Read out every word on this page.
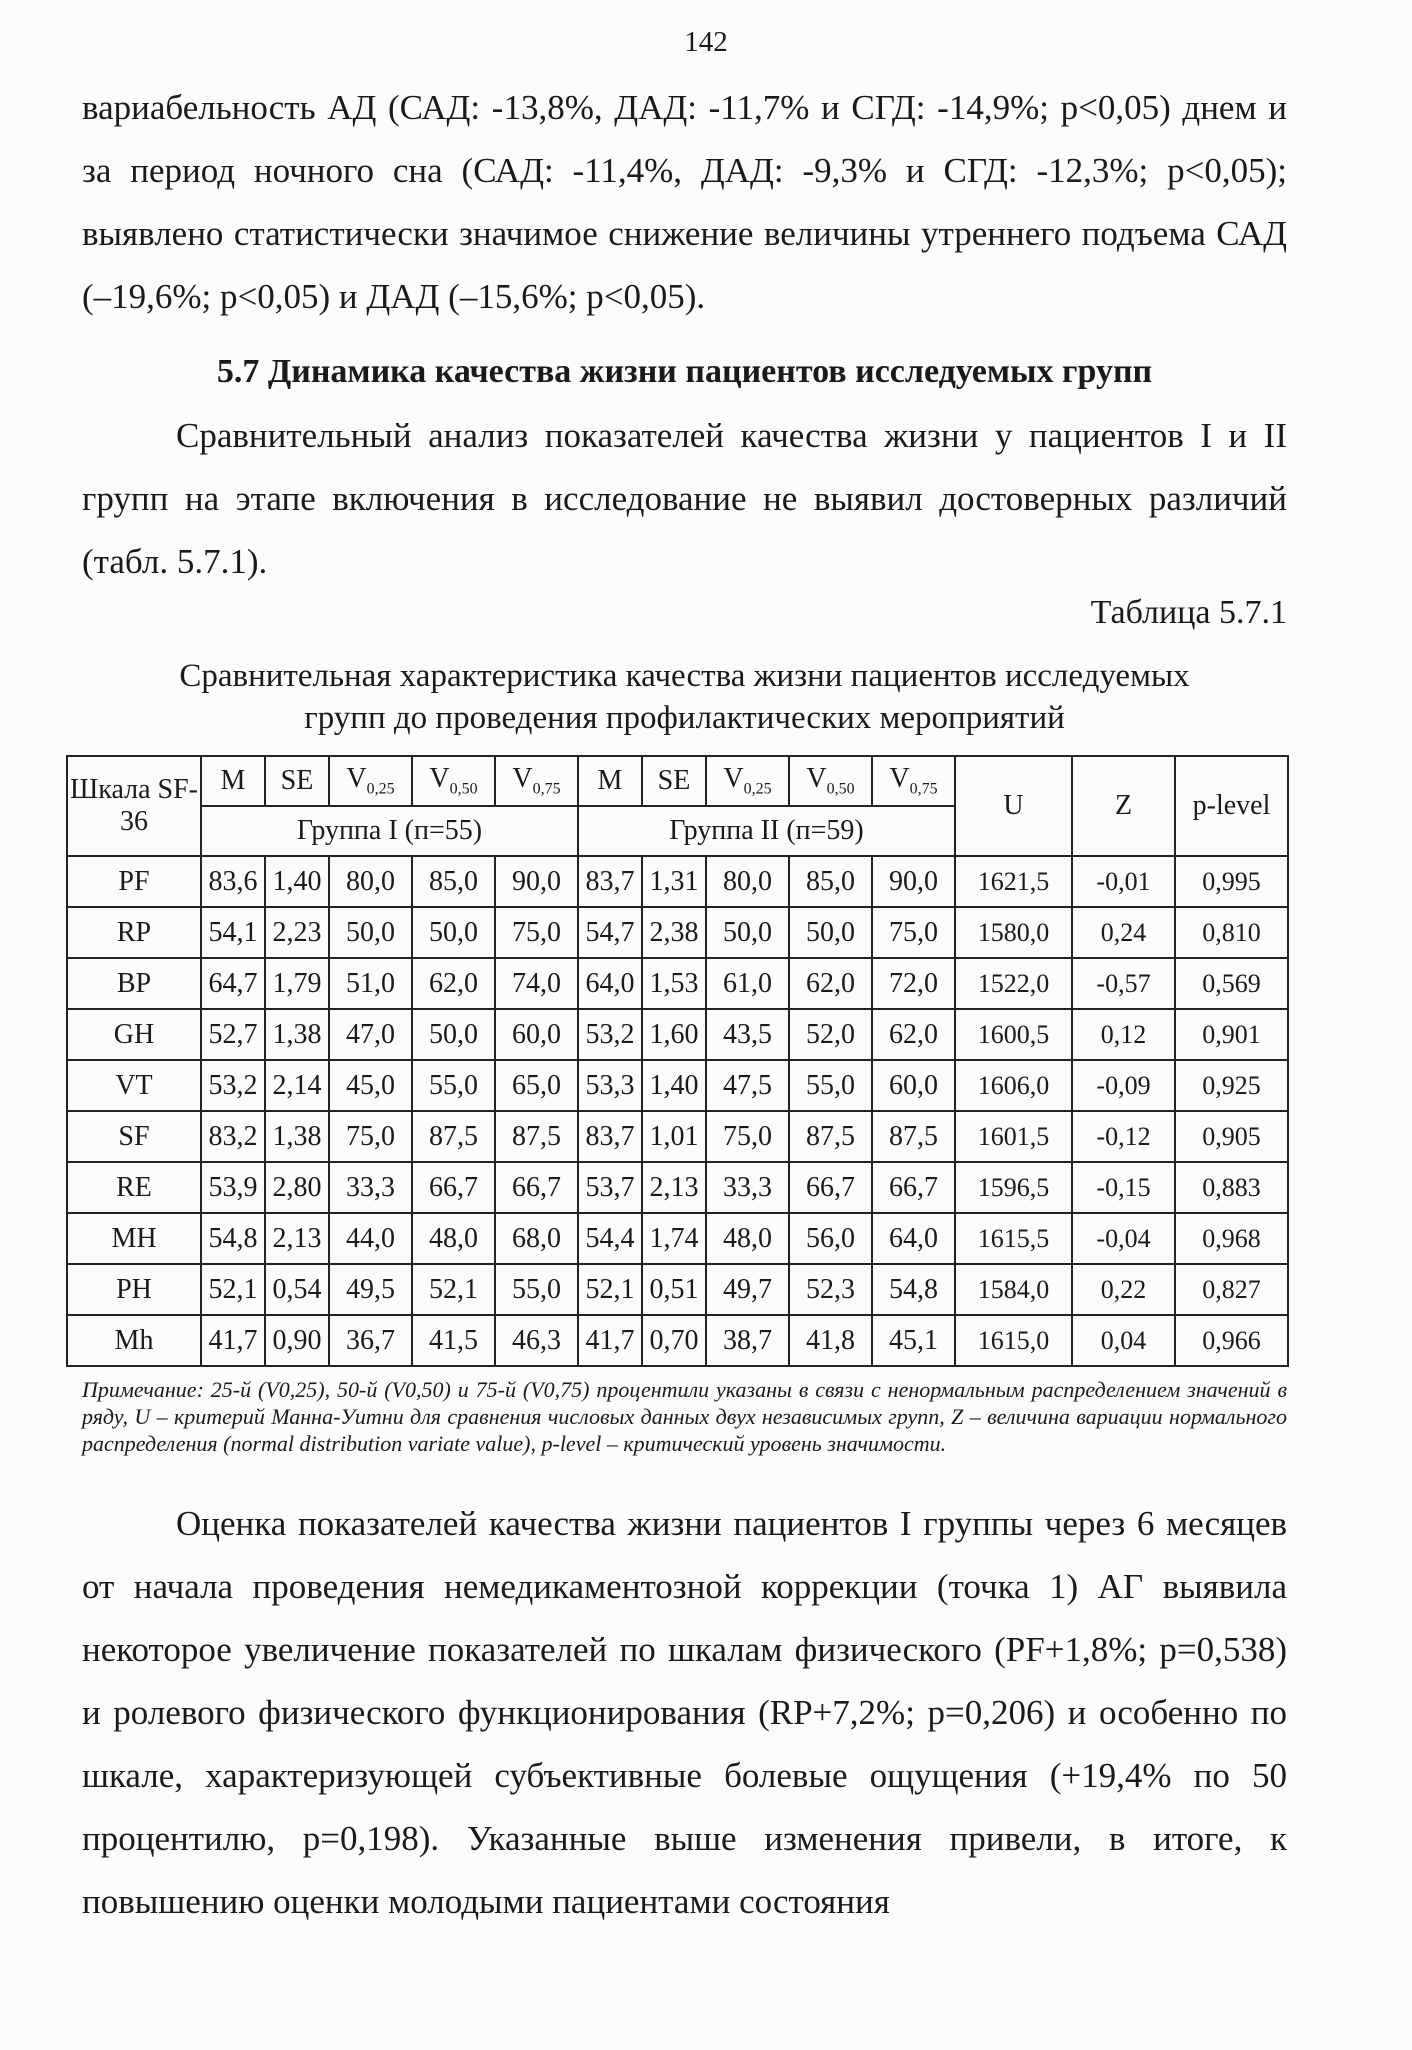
142

вариабельность АД (САД: -13,8%, ДАД: -11,7% и СГД: -14,9%; p<0,05) днем и за период ночного сна (САД: -11,4%, ДАД: -9,3% и СГД: -12,3%; p<0,05); выявлено статистически значимое снижение величины утреннего подъема САД (–19,6%; p<0,05) и ДАД (–15,6%; p<0,05).

5.7 Динамика качества жизни пациентов исследуемых групп

Сравнительный анализ показателей качества жизни у пациентов I и II групп на этапе включения в исследование не выявил достоверных различий (табл. 5.7.1).

Таблица 5.7.1
Сравнительная характеристика качества жизни пациентов исследуемых
групп до проведения профилактических мероприятий
Шкала SF-36	M	SE	$V_{0,25}$	$V_{0,50}$	$V_{0,75}$	M	SE	$V_{0,25}$	$V_{0,50}$	$V_{0,75}$	U	Z	p-level
	Группа I (п=55)					Группа II (п=59)							
PF	83,6	1,40	80,0	85,0	90,0	83,7	1,31	80,0	85,0	90,0	1621,5	-0,01	0,995
RP	54,1	2,23	50,0	50,0	75,0	54,7	2,38	50,0	50,0	75,0	1580,0	0,24	0,810
BP	64,7	1,79	51,0	62,0	74,0	64,0	1,53	61,0	62,0	72,0	1522,0	-0,57	0,569
GH	52,7	1,38	47,0	50,0	60,0	53,2	1,60	43,5	52,0	62,0	1600,5	0,12	0,901
VT	53,2	2,14	45,0	55,0	65,0	53,3	1,40	47,5	55,0	60,0	1606,0	-0,09	0,925
SF	83,2	1,38	75,0	87,5	87,5	83,7	1,01	75,0	87,5	87,5	1601,5	-0,12	0,905
RE	53,9	2,80	33,3	66,7	66,7	53,7	2,13	33,3	66,7	66,7	1596,5	-0,15	0,883
MH	54,8	2,13	44,0	48,0	68,0	54,4	1,74	48,0	56,0	64,0	1615,5	-0,04	0,968
PH	52,1	0,54	49,5	52,1	55,0	52,1	0,51	49,7	52,3	54,8	1584,0	0,22	0,827
Mh	41,7	0,90	36,7	41,5	46,3	41,7	0,70	38,7	41,8	45,1	1615,0	0,04	0,966
Примечание: 25-й (V0,25), 50-й (V0,50) и 75-й (V0,75) процентили указаны в связи с ненормальным распределением значений в ряду, U – критерий Манна-Уитни для сравнения числовых данных двух независимых групп, Z – величина вариации нормального распределения (normal distribution variate value), p-level – критический уровень значимости.

Оценка показателей качества жизни пациентов I группы через 6 месяцев от начала проведения немедикаментозной коррекции (точка 1) АГ выявила некоторое увеличение показателей по шкалам физического (PF+1,8%; p=0,538) и ролевого физического функционирования (RP+7,2%; p=0,206) и особенно по шкале, характеризующей субъективные болевые ощущения (+19,4% по 50 процентилю, p=0,198). Указанные выше изменения привели, в итоге, к повышению оценки молодыми пациентами состояния
